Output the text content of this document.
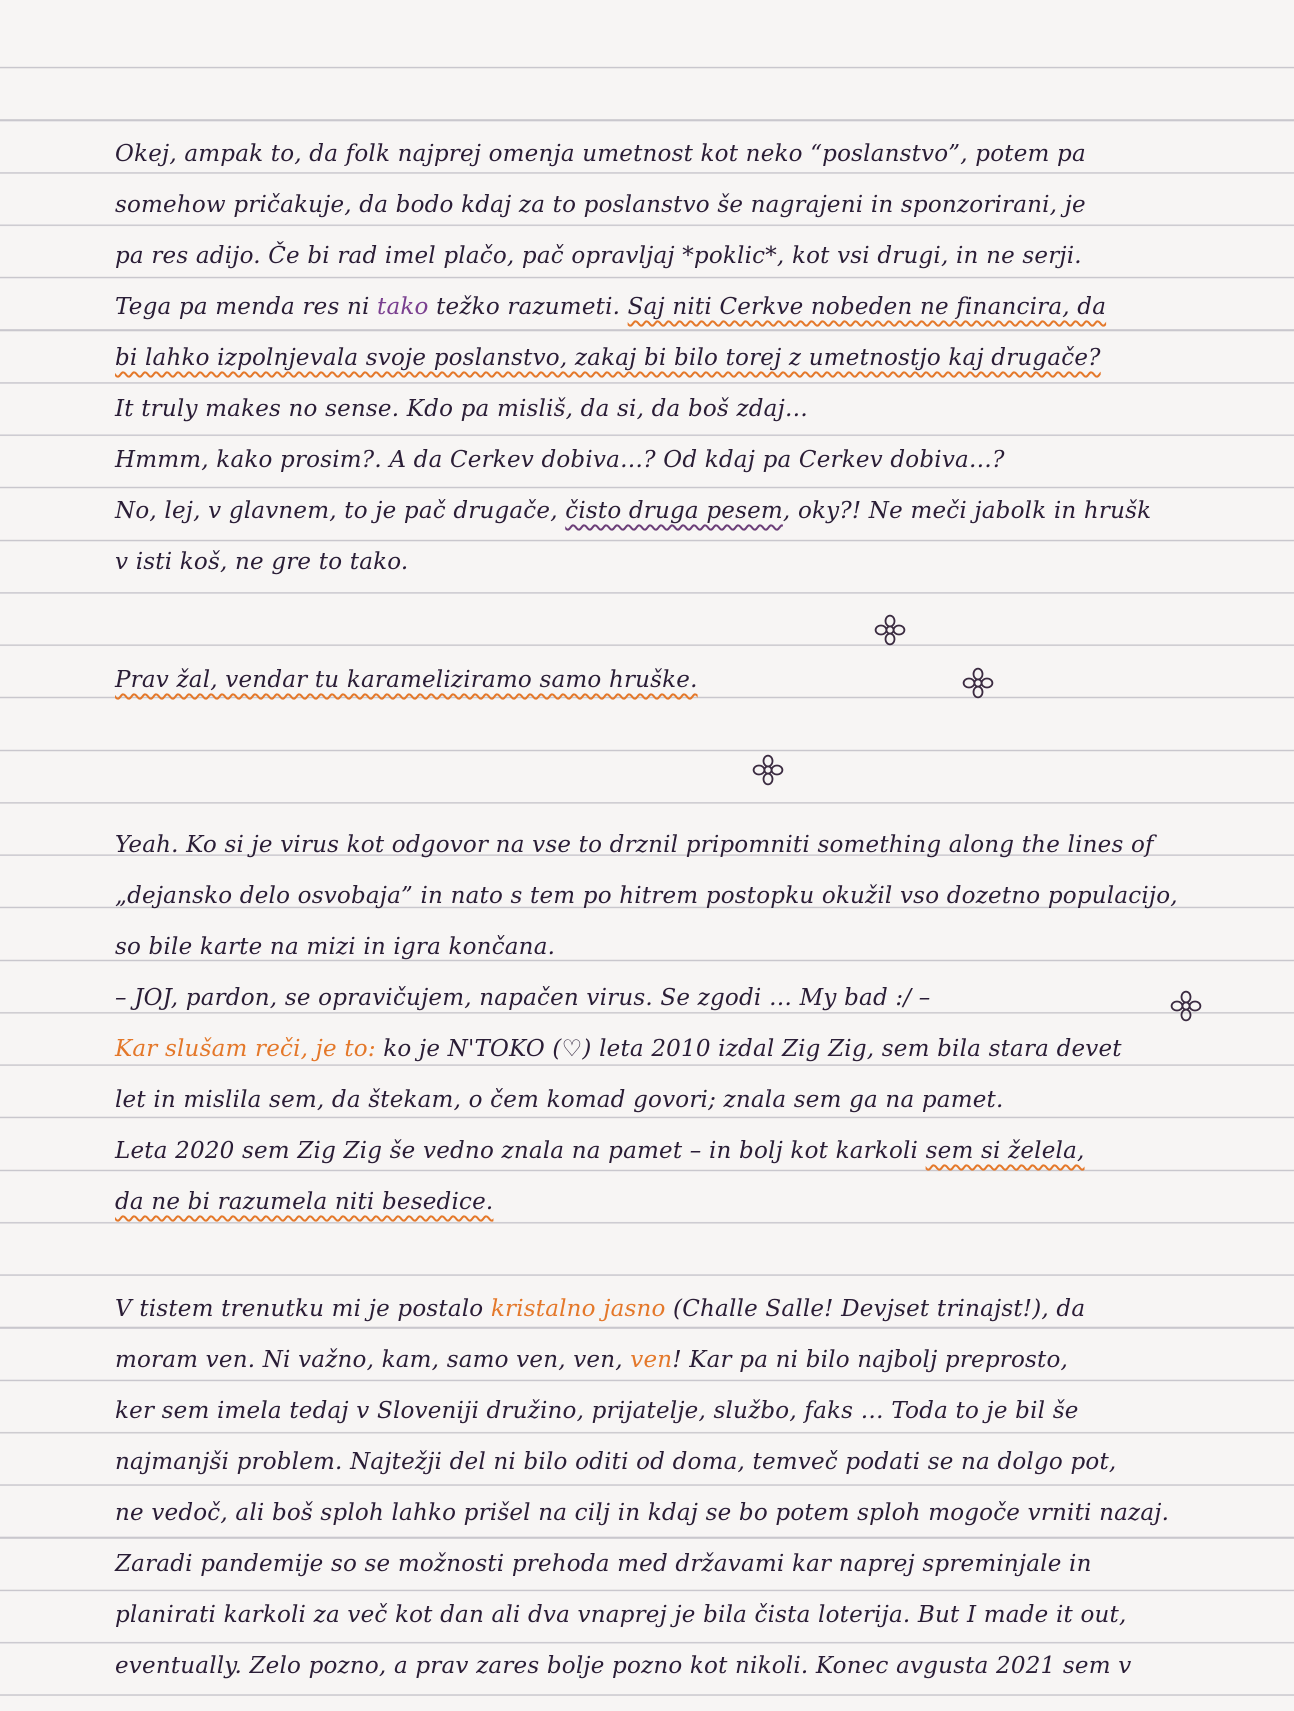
Okej, ampak to, da folk najprej omenja umetnost kot neko “poslanstvo”, potem pa
somehow pričakuje, da bodo kdaj za to poslanstvo še nagrajeni in sponzorirani, je
pa res adijo. Če bi rad imel plačo, pač opravljaj *poklic*, kot vsi drugi, in ne serji.
Tega pa menda res ni tako težko razumeti. Saj niti Cerkve nobeden ne financira, da
bi lahko izpolnjevala svoje poslanstvo, zakaj bi bilo torej z umetnostjo kaj drugače?
It truly makes no sense. Kdo pa misliš, da si, da boš zdaj…
Hmmm, kako prosim?. A da Cerkev dobiva…? Od kdaj pa Cerkev dobiva…?
No, lej, v glavnem, to je pač drugače, čisto druga pesem, oky?! Ne meči jabolk in hrušk
v isti koš, ne gre to tako.
Prav žal, vendar tu karameliziramo samo hruške.
Yeah. Ko si je virus kot odgovor na vse to drznil pripomniti something along the lines of
„dejansko delo osvobaja” in nato s tem po hitrem postopku okužil vso dozetno populacijo,
so bile karte na mizi in igra končana.
– JOJ, pardon, se opravičujem, napačen virus. Se zgodi … My bad :/ –
Kar slušam reči, je to: ko je N'TOKO (♡) leta 2010 izdal Zig Zig, sem bila stara devet
let in mislila sem, da štekam, o čem komad govori; znala sem ga na pamet.
Leta 2020 sem Zig Zig še vedno znala na pamet – in bolj kot karkoli sem si želela,
da ne bi razumela niti besedice.
V tistem trenutku mi je postalo kristalno jasno (Challe Salle! Devjset trinajst!), da
moram ven. Ni važno, kam, samo ven, ven, ven! Kar pa ni bilo najbolj preprosto,
ker sem imela tedaj v Sloveniji družino, prijatelje, službo, faks … Toda to je bil še
najmanjši problem. Najtežji del ni bilo oditi od doma, temveč podati se na dolgo pot,
ne vedoč, ali boš sploh lahko prišel na cilj in kdaj se bo potem sploh mogoče vrniti nazaj.
Zaradi pandemije so se možnosti prehoda med državami kar naprej spreminjale in
planirati karkoli za več kot dan ali dva vnaprej je bila čista loterija. But I made it out,
eventually. Zelo pozno, a prav zares bolje pozno kot nikoli. Konec avgusta 2021 sem v
